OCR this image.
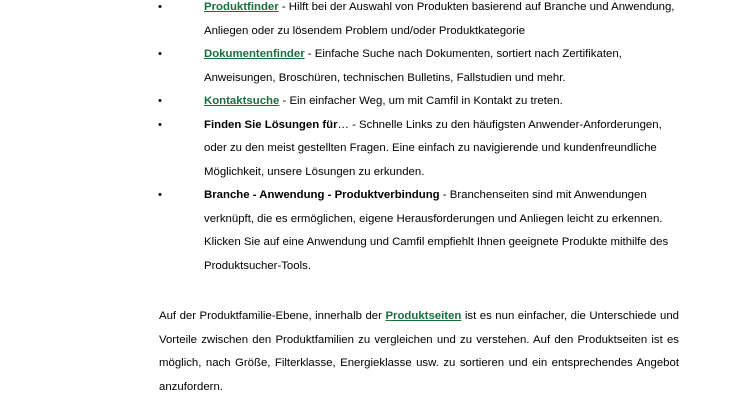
•	Produktfinder - Hilft bei der Auswahl von Produkten basierend auf Branche und Anwendung, Anliegen oder zu lösendem Problem und/oder Produktkategorie
•	Dokumentenfinder - Einfache Suche nach Dokumenten, sortiert nach Zertifikaten, Anweisungen, Broschüren, technischen Bulletins, Fallstudien und mehr.
•	Kontaktsuche - Ein einfacher Weg, um mit Camfil in Kontakt zu treten.
•	Finden Sie Lösungen für… - Schnelle Links zu den häufigsten Anwender-Anforderungen, oder zu den meist gestellten Fragen. Eine einfach zu navigierende und kundenfreundliche Möglichkeit, unsere Lösungen zu erkunden.
•	Branche - Anwendung - Produktverbindung - Branchenseiten sind mit Anwendungen verknüpft, die es ermöglichen, eigene Herausforderungen und Anliegen leicht zu erkennen. Klicken Sie auf eine Anwendung und Camfil empfiehlt Ihnen geeignete Produkte mithilfe des Produktsucher-Tools.

Auf der Produktfamilie-Ebene, innerhalb der Produktseiten ist es nun einfacher, die Unterschiede und Vorteile zwischen den Produktfamilien zu vergleichen und zu verstehen. Auf den Produktseiten ist es möglich, nach Größe, Filterklasse, Energieklasse usw. zu sortieren und ein entsprechendes Angebot anzufordern.
